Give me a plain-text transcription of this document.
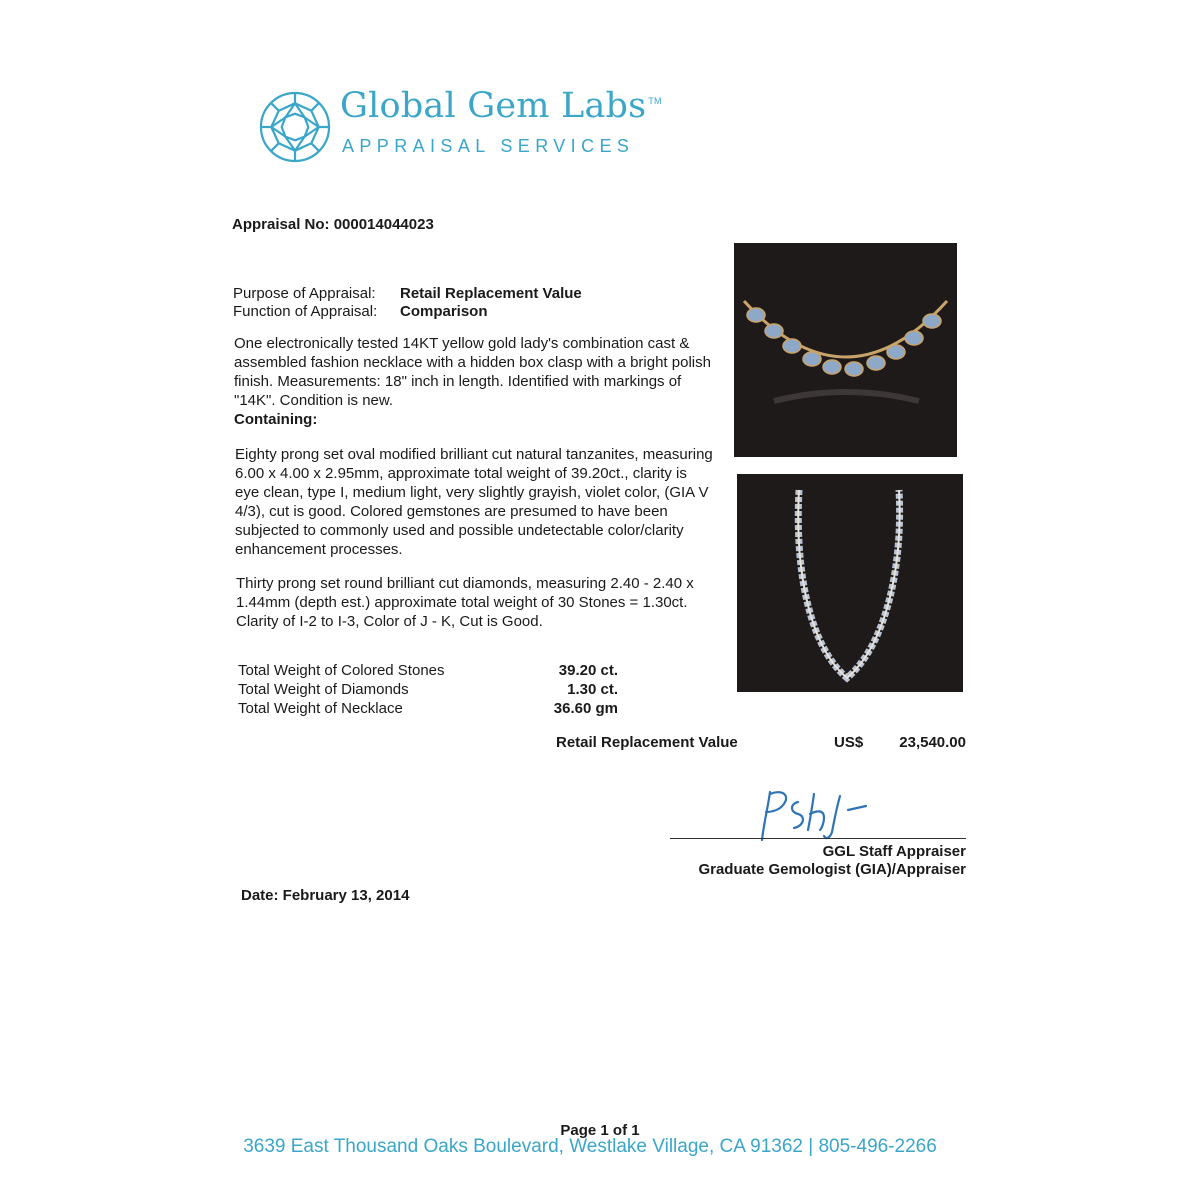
Global Gem Labs ™
APPRAISAL SERVICES
Appraisal No: 000014044023
Purpose of Appraisal: Retail Replacement Value
Function of Appraisal: Comparison
One electronically tested 14KT yellow gold lady's combination cast & assembled fashion necklace with a hidden box clasp with a bright polish finish. Measurements: 18" inch in length. Identified with markings of "14K". Condition is new.
Containing:
Eighty prong set oval modified brilliant cut natural tanzanites, measuring 6.00 x 4.00 x 2.95mm, approximate total weight of 39.20ct., clarity is eye clean, type I, medium light, very slightly grayish, violet color, (GIA V 4/3), cut is good. Colored gemstones are presumed to have been subjected to commonly used and possible undetectable color/clarity enhancement processes.
Thirty prong set round brilliant cut diamonds, measuring 2.40 - 2.40 x 1.44mm (depth est.) approximate total weight of 30 Stones = 1.30ct. Clarity of I-2 to I-3, Color of J - K, Cut is Good.
Total Weight of Colored Stones	39.20 ct.
Total Weight of Diamonds	1.30 ct.
Total Weight of Necklace	36.60 gm
Retail Replacement Value	US$ 23,540.00
GGL Staff Appraiser
Graduate Gemologist (GIA)/Appraiser
Date: February 13, 2014
Page 1 of 1
3639 East Thousand Oaks Boulevard, Westlake Village, CA 91362 | 805-496-2266
